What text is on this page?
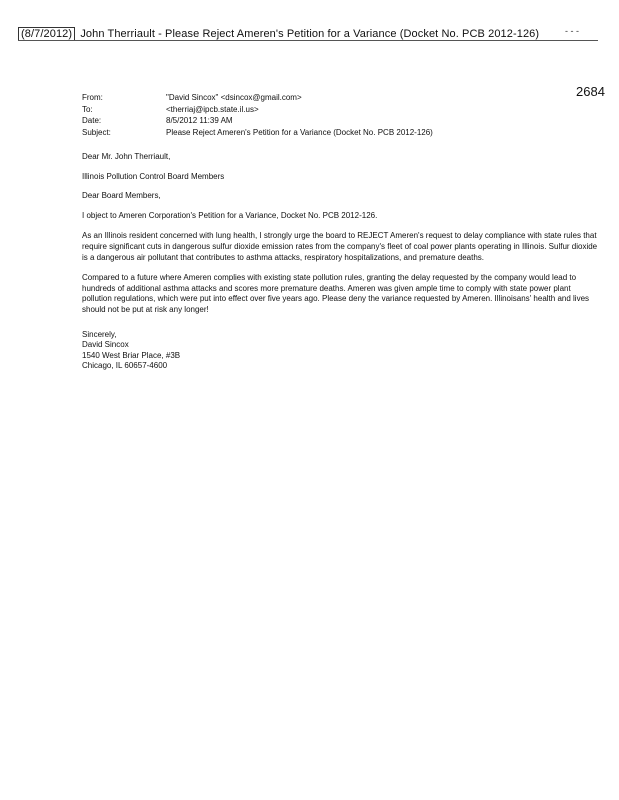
(8/7/2012) John Therriault - Please Reject Ameren's Petition for a Variance (Docket No. PCB 2012-126)	- - -
2684
From:	"David Sincox" <dsincox@gmail.com>
To:	<therriaj@ipcb.state.il.us>
Date:	8/5/2012 11:39 AM
Subject:	Please Reject Ameren's Petition for a Variance (Docket No. PCB 2012-126)

Dear Mr. John Therriault,

Illinois Pollution Control Board Members

Dear Board Members,

I object to Ameren Corporation's Petition for a Variance, Docket No. PCB 2012-126.

As an Illinois resident concerned with lung health, I strongly urge the board to REJECT Ameren's request to delay compliance with state rules that require significant cuts in dangerous sulfur dioxide emission rates from the company's fleet of coal power plants operating in Illinois. Sulfur dioxide is a dangerous air pollutant that contributes to asthma attacks, respiratory hospitalizations, and premature deaths.

Compared to a future where Ameren complies with existing state pollution rules, granting the delay requested by the company would lead to hundreds of additional asthma attacks and scores more premature deaths. Ameren was given ample time to comply with state power plant pollution regulations, which were put into effect over five years ago. Please deny the variance requested by Ameren. Illinoisans' health and lives should not be put at risk any longer!

Sincerely,
David Sincox
1540 West Briar Place, #3B
Chicago, IL 60657-4600
